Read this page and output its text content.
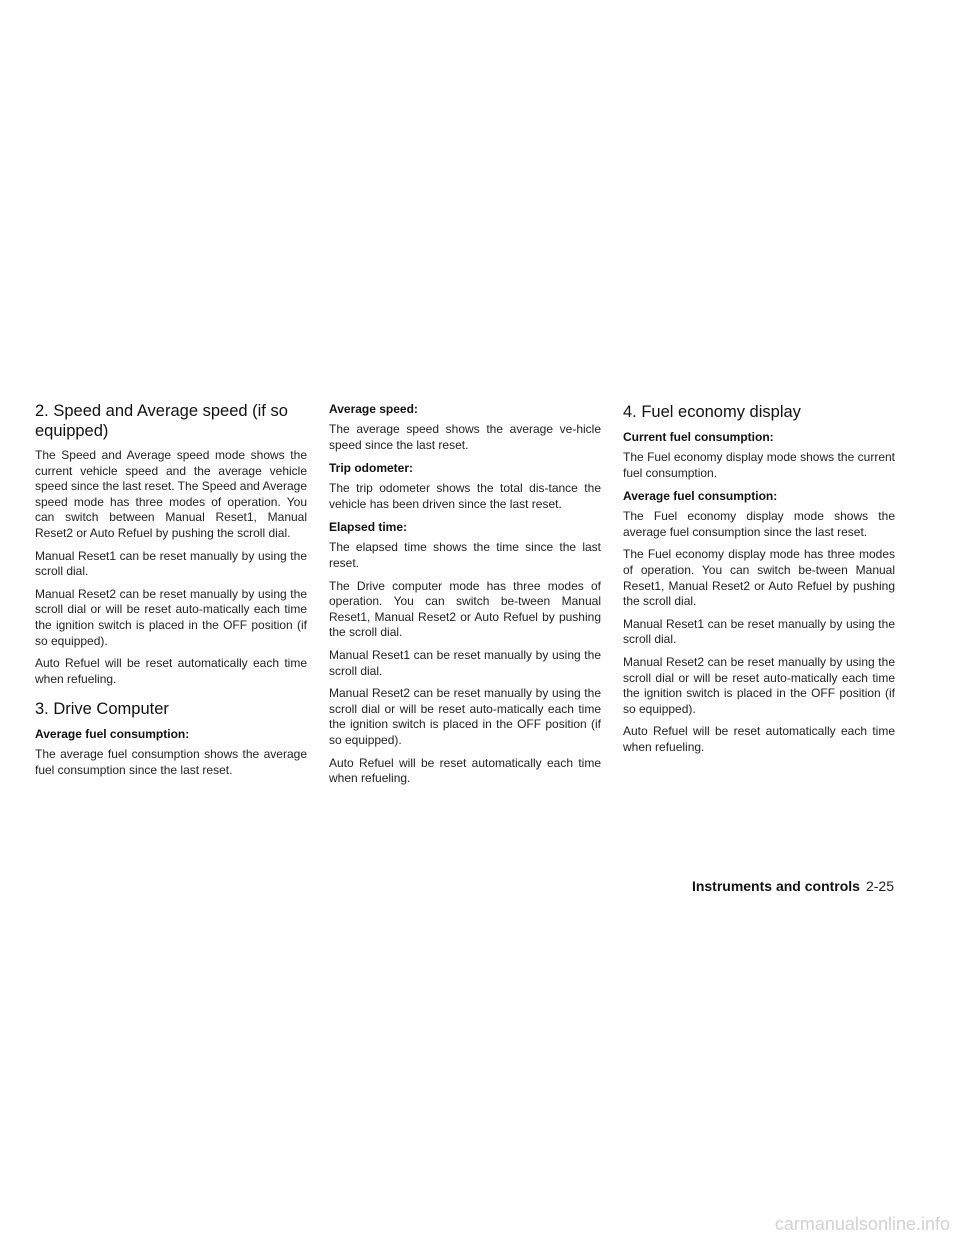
2. Speed and Average speed (if so equipped)

The Speed and Average speed mode shows the current vehicle speed and the average vehicle speed since the last reset. The Speed and Average speed mode has three modes of operation. You can switch between Manual Reset1, Manual Reset2 or Auto Refuel by pushing the scroll dial.

Manual Reset1 can be reset manually by using the scroll dial.

Manual Reset2 can be reset manually by using the scroll dial or will be reset auto-matically each time the ignition switch is placed in the OFF position (if so equipped).

Auto Refuel will be reset automatically each time when refueling.

3. Drive Computer
Average fuel consumption:

The average fuel consumption shows the average fuel consumption since the last reset.

Average speed:

The average speed shows the average ve-hicle speed since the last reset.

Trip odometer:

The trip odometer shows the total dis-tance the vehicle has been driven since the last reset.

Elapsed time:

The elapsed time shows the time since the last reset.

The Drive computer mode has three modes of operation. You can switch be-tween Manual Reset1, Manual Reset2 or Auto Refuel by pushing the scroll dial.

Manual Reset1 can be reset manually by using the scroll dial.

Manual Reset2 can be reset manually by using the scroll dial or will be reset auto-matically each time the ignition switch is placed in the OFF position (if so equipped).

Auto Refuel will be reset automatically each time when refueling.

4. Fuel economy display
Current fuel consumption:

The Fuel economy display mode shows the current fuel consumption.

Average fuel consumption:

The Fuel economy display mode shows the average fuel consumption since the last reset.

The Fuel economy display mode has three modes of operation. You can switch be-tween Manual Reset1, Manual Reset2 or Auto Refuel by pushing the scroll dial.

Manual Reset1 can be reset manually by using the scroll dial.

Manual Reset2 can be reset manually by using the scroll dial or will be reset auto-matically each time the ignition switch is placed in the OFF position (if so equipped).

Auto Refuel will be reset automatically each time when refueling.

Instruments and controls 2-25
carmanualsonline.info
